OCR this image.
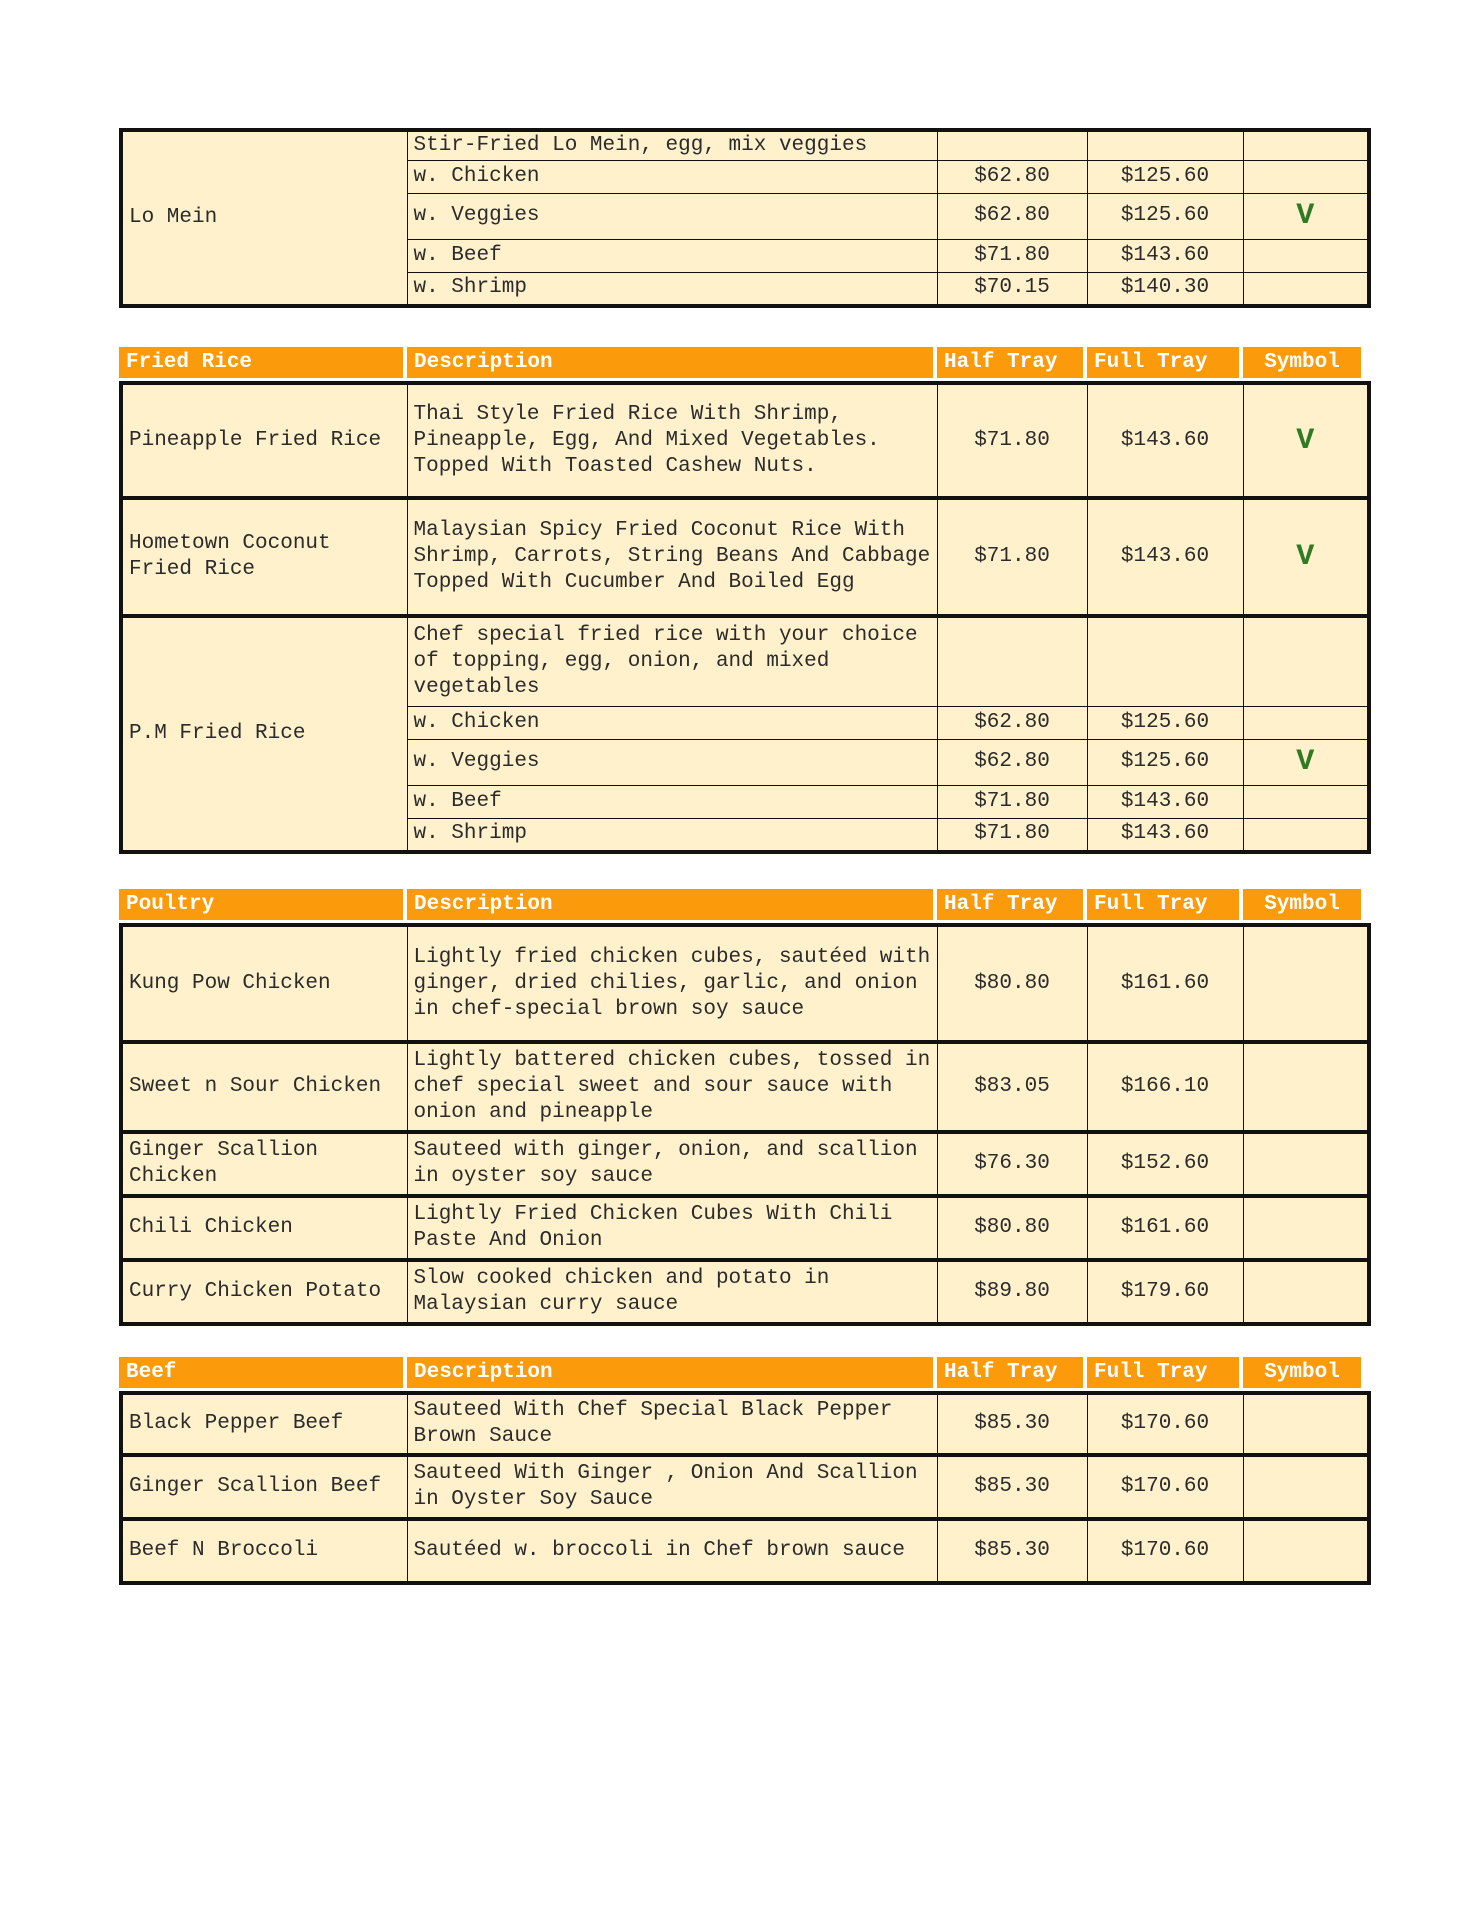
Lo Mein	Stir-Fried Lo Mein, egg, mix veggies			
	w. Chicken	$62.80	$125.60	
	w. Veggies	$62.80	$125.60	V
	w. Beef	$71.80	$143.60	
	w. Shrimp	$70.15	$140.30	
Fried Rice	Description	Half Tray	Full Tray	Symbol
Pineapple Fried Rice	Thai Style Fried Rice With Shrimp, Pineapple, Egg, And Mixed Vegetables. Topped With Toasted Cashew Nuts.	$71.80	$143.60	V
Hometown Coconut Fried Rice	Malaysian Spicy Fried Coconut Rice With Shrimp, Carrots, String Beans And Cabbage Topped With Cucumber And Boiled Egg	$71.80	$143.60	V
P.M Fried Rice	Chef special fried rice with your choice of topping, egg, onion, and mixed vegetables			
	w. Chicken	$62.80	$125.60	
	w. Veggies	$62.80	$125.60	V
	w. Beef	$71.80	$143.60	
	w. Shrimp	$71.80	$143.60	
Poultry	Description	Half Tray	Full Tray	Symbol
Kung Pow Chicken	Lightly fried chicken cubes, sautéed with ginger, dried chilies, garlic, and onion in chef-special brown soy sauce	$80.80	$161.60	
Sweet n Sour Chicken	Lightly battered chicken cubes, tossed in chef special sweet and sour sauce with onion and pineapple	$83.05	$166.10	
Ginger Scallion Chicken	Sauteed with ginger, onion, and scallion in oyster soy sauce	$76.30	$152.60	
Chili Chicken	Lightly Fried Chicken Cubes With Chili Paste And Onion	$80.80	$161.60	
Curry Chicken Potato	Slow cooked chicken and potato in Malaysian curry sauce	$89.80	$179.60	
Beef	Description	Half Tray	Full Tray	Symbol
Black Pepper Beef	Sauteed With Chef Special Black Pepper Brown Sauce	$85.30	$170.60	
Ginger Scallion Beef	Sauteed With Ginger , Onion And Scallion in Oyster Soy Sauce	$85.30	$170.60	
Beef N Broccoli	Sautéed w. broccoli in Chef brown sauce	$85.30	$170.60	
